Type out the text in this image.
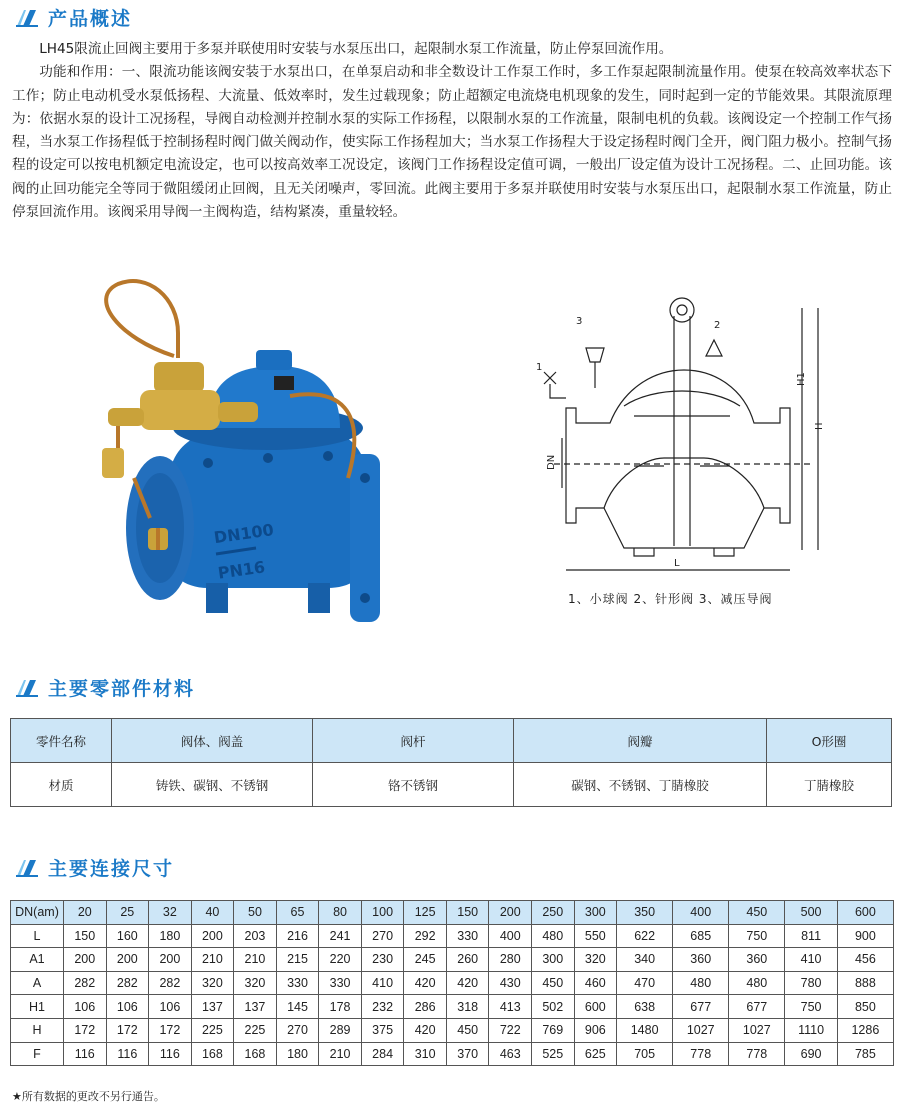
产品概述

LH45限流止回阀主要用于多泵并联使用时安装与水泵压出口，起限制水泵工作流量，防止停泵回流作用。

功能和作用：一、限流功能该阀安装于水泵出口，在单泵启动和非全数设计工作泵工作时，多工作泵起限制流量作用。使泵在较高效率状态下工作；防止电动机受水泵低扬程、大流量、低效率时，发生过载现象；防止超额定电流烧电机现象的发生，同时起到一定的节能效果。其限流原理为：依据水泵的设计工况扬程，导阀自动检测并控制水泵的实际工作扬程，以限制水泵的工作流量，限制电机的负载。该阀设定一个控制工作气扬程，当水泵工作扬程低于控制扬程时阀门做关阀动作，使实际工作扬程加大；当水泵工作扬程大于设定扬程时阀门全开，阀门阻力极小。控制气扬程的设定可以按电机额定电流设定，也可以按高效率工况设定，该阀门工作扬程设定值可调，一般出厂设定值为设计工况扬程。二、止回功能。该阀的止回功能完全等同于微阻缓闭止回阀，且无关闭噪声，零回流。此阀主要用于多泵并联使用时安装与水泵压出口，起限制水泵工作流量，防止停泵回流作用。该阀采用导阀一主阀构造，结构紧凑，重量较轻。

DN100
PN16
1
2
3
DN
H1
H
L
1、小球阀 2、针形阀 3、减压导阀
主要零部件材料
零件名称	阀体、阀盖	阀杆	阀瓣	O形圈
材质	铸铁、碳钢、不锈钢	铬不锈钢	碳钢、不锈钢、丁腈橡胶	丁腈橡胶
主要连接尺寸
DN(am)	20	25	32	40	50	65	80	100	125	150	200	250	300	350	400	450	500	600
L	150	160	180	200	203	216	241	270	292	330	400	480	550	622	685	750	811	900
A1	200	200	200	210	210	215	220	230	245	260	280	300	320	340	360	360	410	456
A	282	282	282	320	320	330	330	410	420	420	430	450	460	470	480	480	780	888
H1	106	106	106	137	137	145	178	232	286	318	413	502	600	638	677	677	750	850
H	172	172	172	225	225	270	289	375	420	450	722	769	906	1480	1027	1027	1110	1286
F	116	116	116	168	168	180	210	284	310	370	463	525	625	705	778	778	690	785
★所有数据的更改不另行通告。
